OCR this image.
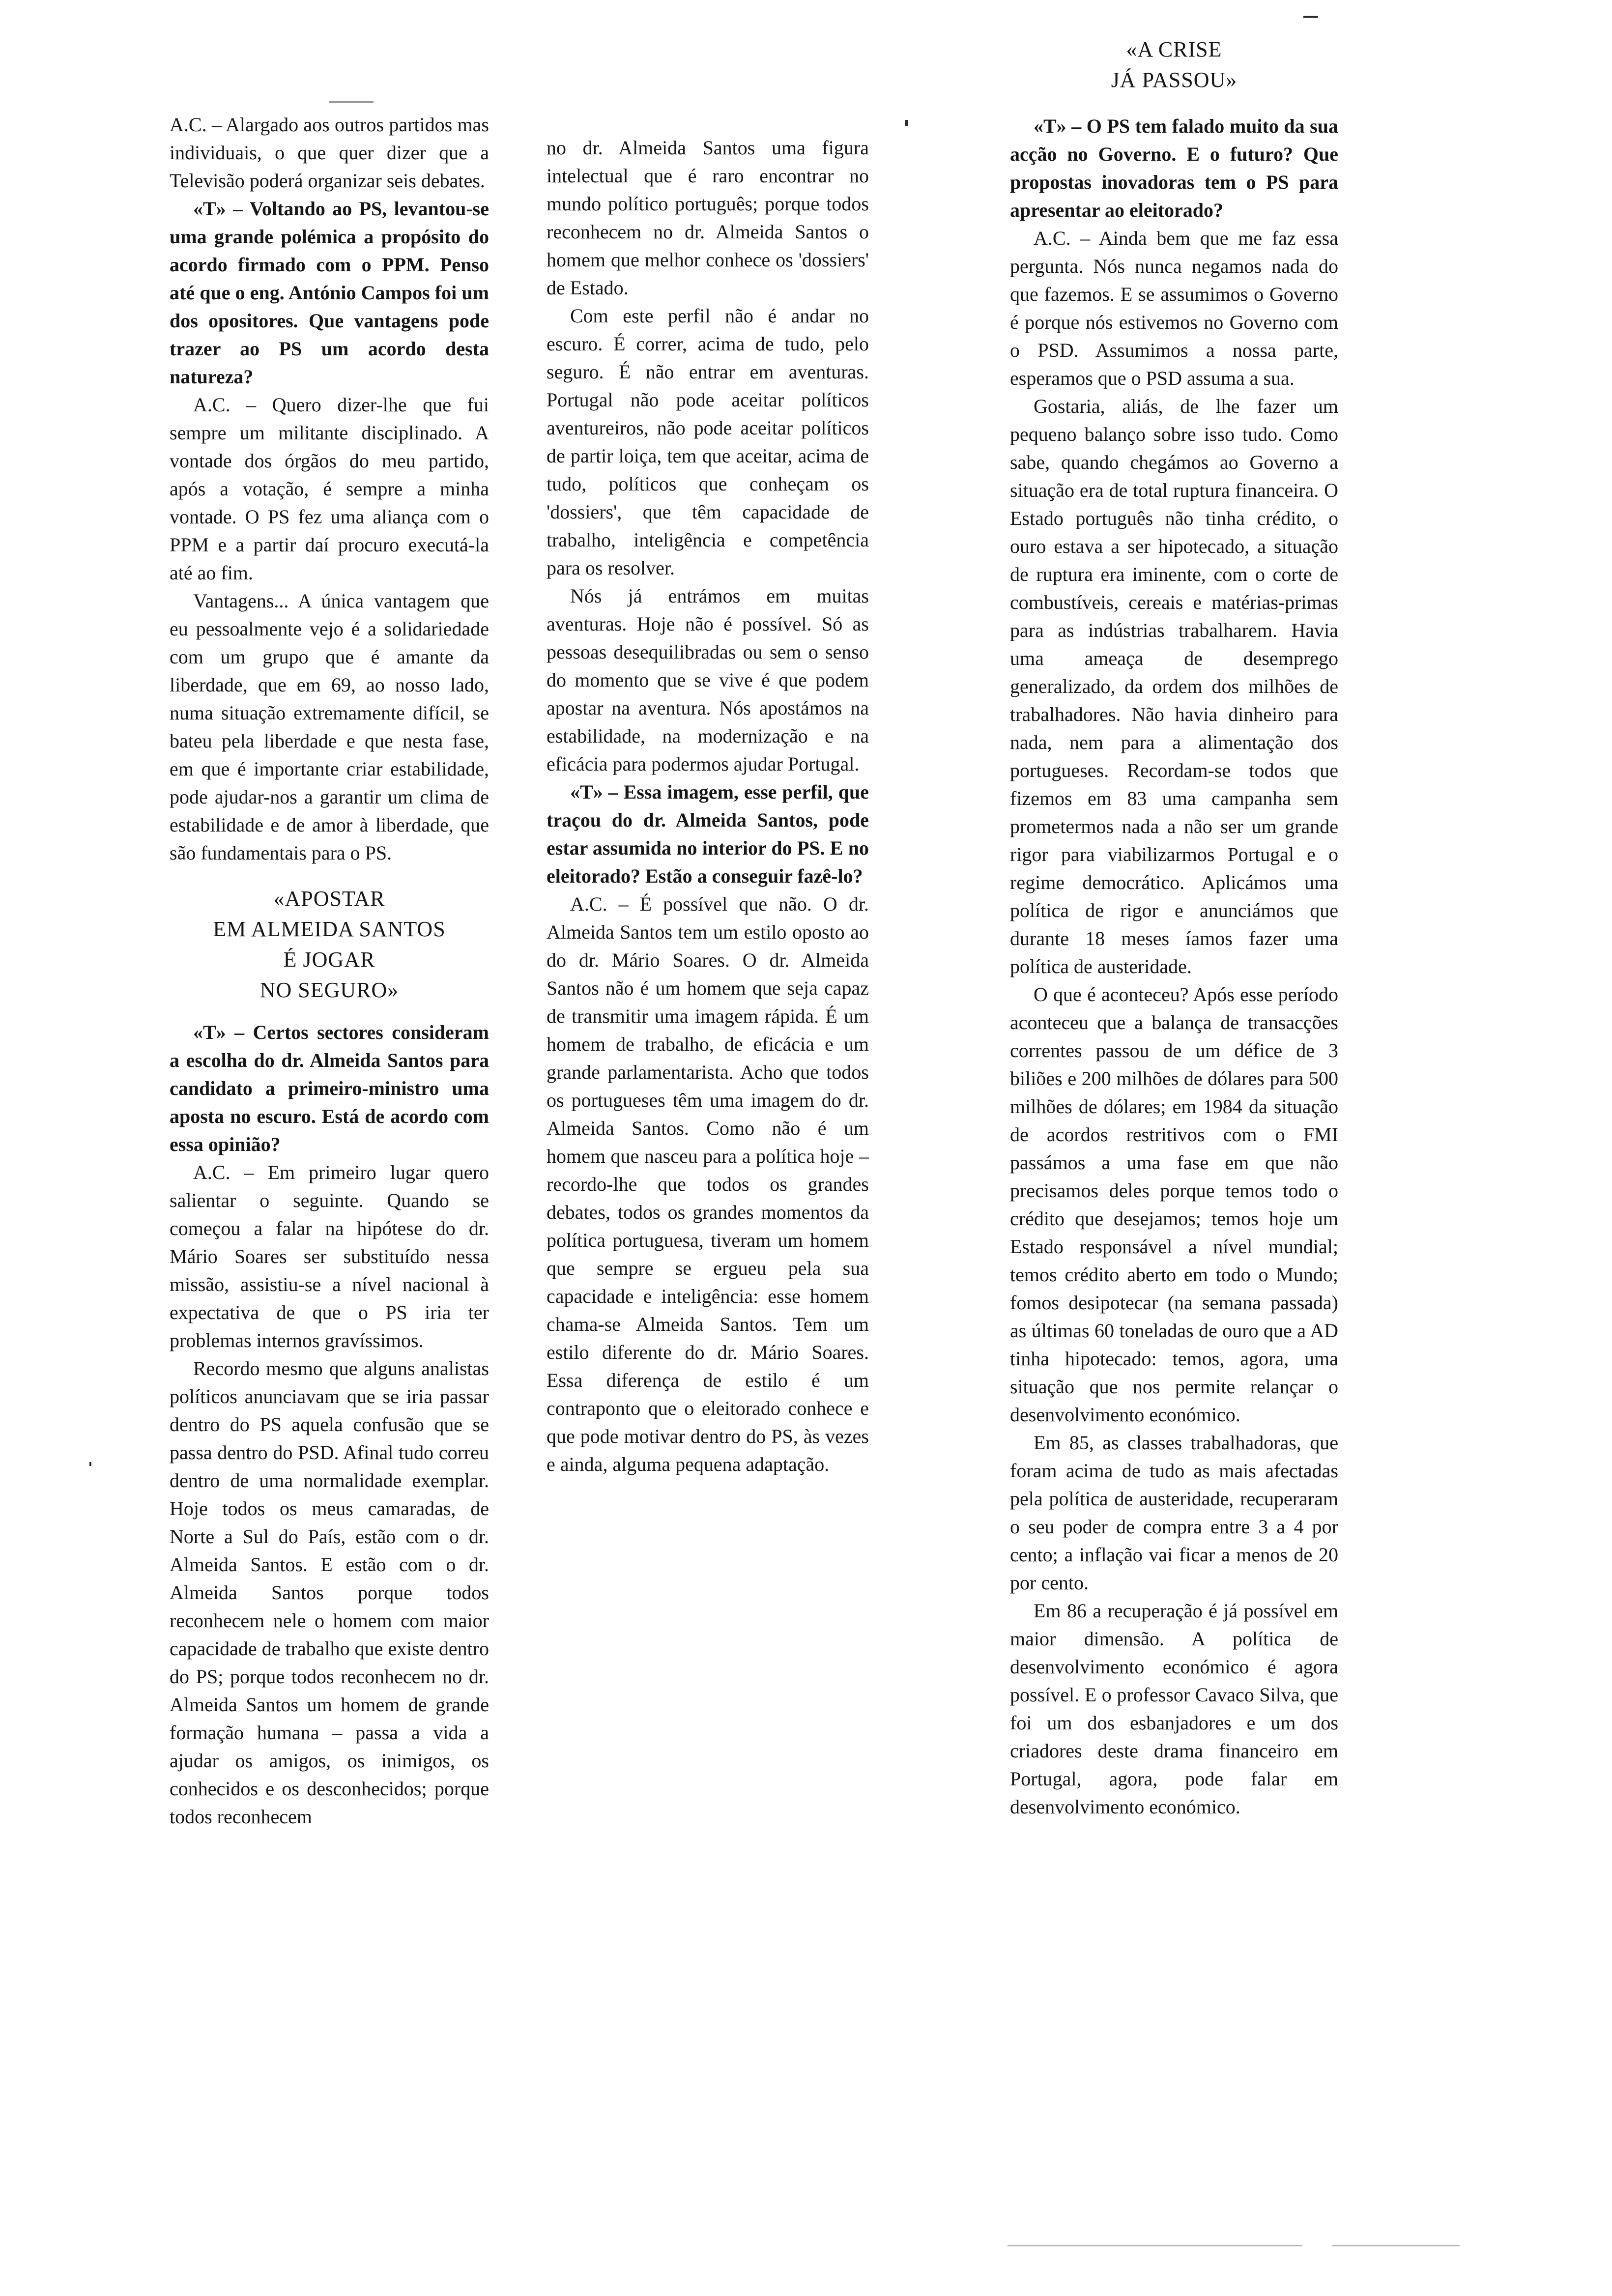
A.C. – Alargado aos outros partidos mas individuais, o que quer dizer que a Televisão poderá organizar seis debates.

«T» – Voltando ao PS, levantou-se uma grande polémica a propósito do acordo firmado com o PPM. Penso até que o eng. António Campos foi um dos opositores. Que vantagens pode trazer ao PS um acordo desta natureza?

A.C. – Quero dizer-lhe que fui sempre um militante disciplinado. A vontade dos órgãos do meu partido, após a votação, é sempre a minha vontade. O PS fez uma aliança com o PPM e a partir daí procuro executá-la até ao fim.

Vantagens... A única vantagem que eu pessoalmente vejo é a solidariedade com um grupo que é amante da liberdade, que em 69, ao nosso lado, numa situação extremamente difícil, se bateu pela liberdade e que nesta fase, em que é importante criar estabilidade, pode ajudar-nos a garantir um clima de estabilidade e de amor à liberdade, que são fundamentais para o PS.

«APOSTAR
EM ALMEIDA SANTOS
É JOGAR
NO SEGURO»

«T» – Certos sectores consideram a escolha do dr. Almeida Santos para candidato a primeiro-ministro uma aposta no escuro. Está de acordo com essa opinião?

A.C. – Em primeiro lugar quero salientar o seguinte. Quando se começou a falar na hipótese do dr. Mário Soares ser substituído nessa missão, assistiu-se a nível nacional à expectativa de que o PS iria ter problemas internos gravíssimos.

Recordo mesmo que alguns analistas políticos anunciavam que se iria passar dentro do PS aquela confusão que se passa dentro do PSD. Afinal tudo correu dentro de uma normalidade exemplar. Hoje todos os meus camaradas, de Norte a Sul do País, estão com o dr. Almeida Santos. E estão com o dr. Almeida Santos porque todos reconhecem nele o homem com maior capacidade de trabalho que existe dentro do PS; porque todos reconhecem no dr. Almeida Santos um homem de grande formação humana – passa a vida a ajudar os amigos, os inimigos, os conhecidos e os desconhecidos; porque todos reconhecem

no dr. Almeida Santos uma figura intelectual que é raro encontrar no mundo político português; porque todos reconhecem no dr. Almeida Santos o homem que melhor conhece os 'dossiers' de Estado.

Com este perfil não é andar no escuro. É correr, acima de tudo, pelo seguro. É não entrar em aventuras. Portugal não pode aceitar políticos aventureiros, não pode aceitar políticos de partir loiça, tem que aceitar, acima de tudo, políticos que conheçam os 'dossiers', que têm capacidade de trabalho, inteligência e competência para os resolver.

Nós já entrámos em muitas aventuras. Hoje não é possível. Só as pessoas desequilibradas ou sem o senso do momento que se vive é que podem apostar na aventura. Nós apostámos na estabilidade, na modernização e na eficácia para podermos ajudar Portugal.

«T» – Essa imagem, esse perfil, que traçou do dr. Almeida Santos, pode estar assumida no interior do PS. E no eleitorado? Estão a conseguir fazê-lo?

A.C. – É possível que não. O dr. Almeida Santos tem um estilo oposto ao do dr. Mário Soares. O dr. Almeida Santos não é um homem que seja capaz de transmitir uma imagem rápida. É um homem de trabalho, de eficácia e um grande parlamentarista. Acho que todos os portugueses têm uma imagem do dr. Almeida Santos. Como não é um homem que nasceu para a política hoje – recordo-lhe que todos os grandes debates, todos os grandes momentos da política portuguesa, tiveram um homem que sempre se ergueu pela sua capacidade e inteligência: esse homem chama-se Almeida Santos. Tem um estilo diferente do dr. Mário Soares. Essa diferença de estilo é um contraponto que o eleitorado conhece e que pode motivar dentro do PS, às vezes e ainda, alguma pequena adaptação.

«A CRISE
JÁ PASSOU»

«T» – O PS tem falado muito da sua acção no Governo. E o futuro? Que propostas inovadoras tem o PS para apresentar ao eleitorado?

A.C. – Ainda bem que me faz essa pergunta. Nós nunca negamos nada do que fazemos. E se assumimos o Governo é porque nós estivemos no Governo com o PSD. Assumimos a nossa parte, esperamos que o PSD assuma a sua.

Gostaria, aliás, de lhe fazer um pequeno balanço sobre isso tudo. Como sabe, quando chegámos ao Governo a situação era de total ruptura financeira. O Estado português não tinha crédito, o ouro estava a ser hipotecado, a situação de ruptura era iminente, com o corte de combustíveis, cereais e matérias-primas para as indústrias trabalharem. Havia uma ameaça de desemprego generalizado, da ordem dos milhões de trabalhadores. Não havia dinheiro para nada, nem para a alimentação dos portugueses. Recordam-se todos que fizemos em 83 uma campanha sem prometermos nada a não ser um grande rigor para viabilizarmos Portugal e o regime democrático. Aplicámos uma política de rigor e anunciámos que durante 18 meses íamos fazer uma política de austeridade.

O que é aconteceu? Após esse período aconteceu que a balança de transacções correntes passou de um défice de 3 biliões e 200 milhões de dólares para 500 milhões de dólares; em 1984 da situação de acordos restritivos com o FMI passámos a uma fase em que não precisamos deles porque temos todo o crédito que desejamos; temos hoje um Estado responsável a nível mundial; temos crédito aberto em todo o Mundo; fomos desipotecar (na semana passada) as últimas 60 toneladas de ouro que a AD tinha hipotecado: temos, agora, uma situação que nos permite relançar o desenvolvimento económico.

Em 85, as classes trabalhadoras, que foram acima de tudo as mais afectadas pela política de austeridade, recuperaram o seu poder de compra entre 3 a 4 por cento; a inflação vai ficar a menos de 20 por cento.

Em 86 a recuperação é já possível em maior dimensão. A política de desenvolvimento económico é agora possível. E o professor Cavaco Silva, que foi um dos esbanjadores e um dos criadores deste drama financeiro em Portugal, agora, pode falar em desenvolvimento económico.
